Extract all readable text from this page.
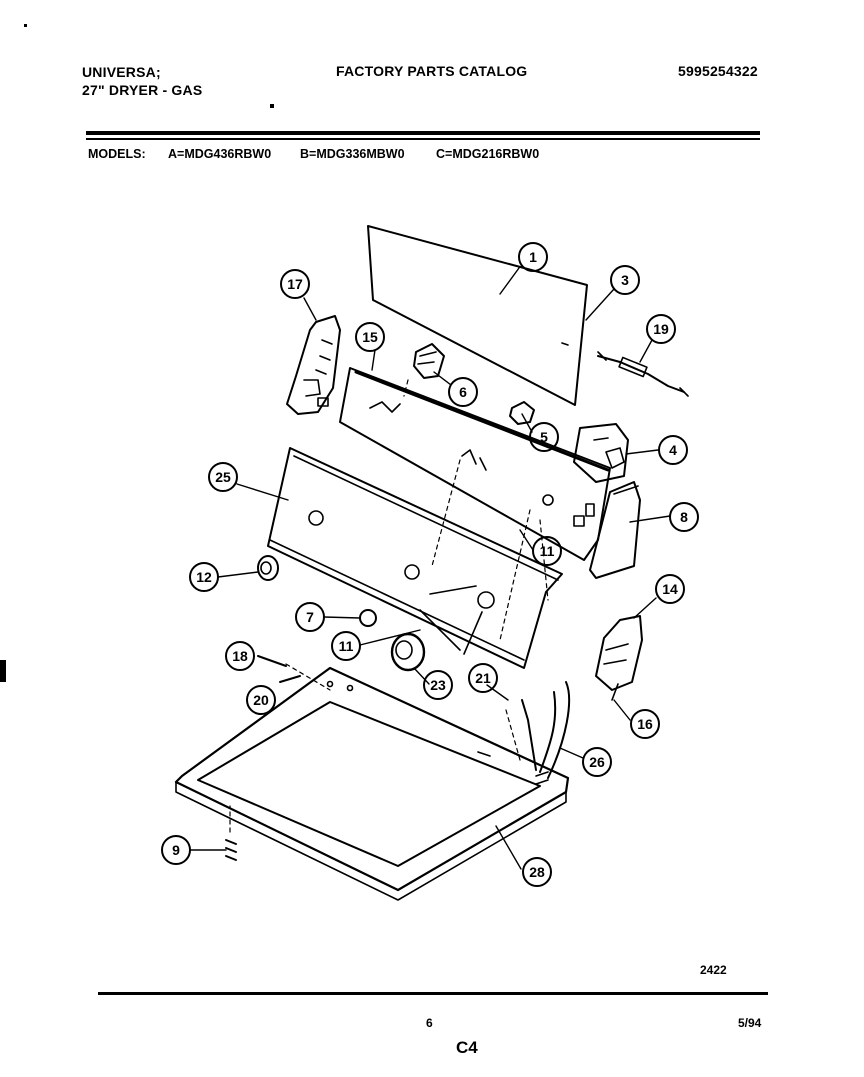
UNIVERSA;
27" DRYER - GAS
FACTORY PARTS CATALOG	5995254322
MODELS: A=MDG436RBW0 B=MDG336MBW0	C=MDG216RBW0
1
3
19
17
15
6
5
4
25
8
11
12
7
11
14
18
23
20
21
16
26
9
28
2422
6	5/94
C4
